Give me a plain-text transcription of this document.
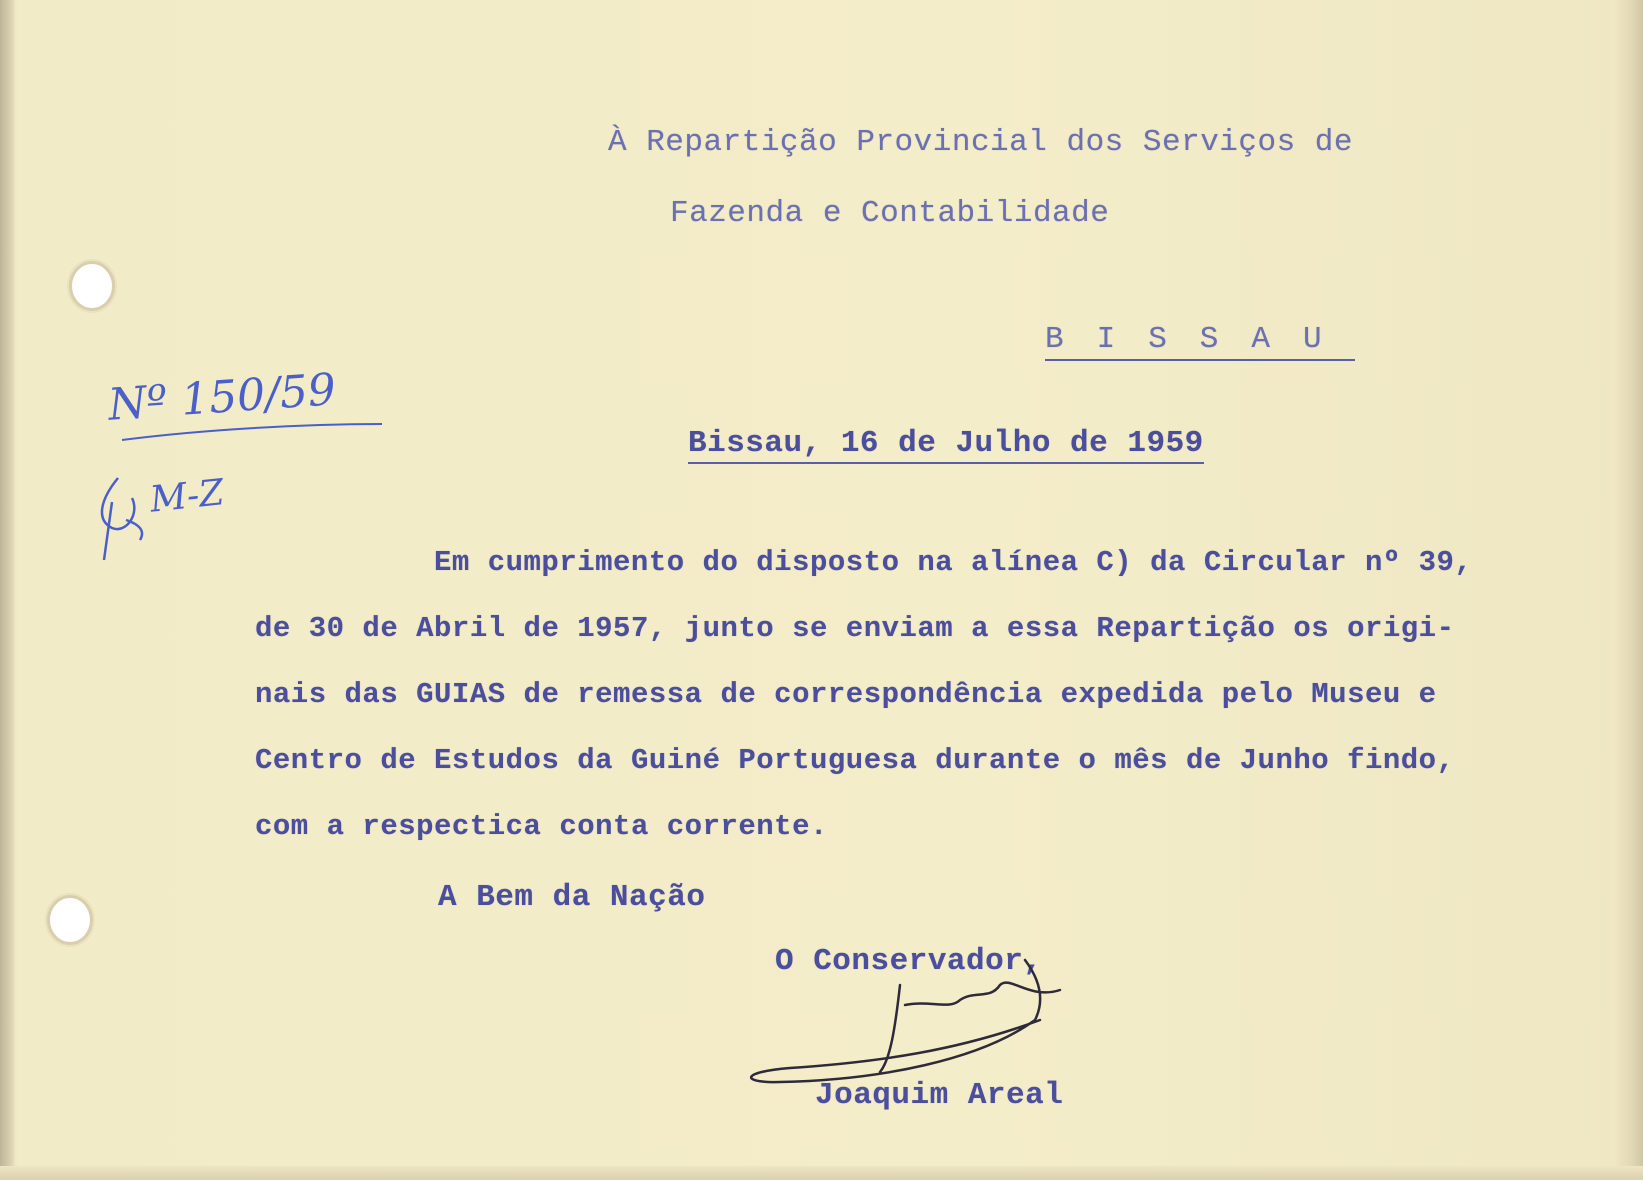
À Repartição Provincial dos Serviços de
Fazenda e Contabilidade
BISSAU
Bissau, 16 de Julho de 1959
Em cumprimento do disposto na alínea C) da Circular nº 39,
de 30 de Abril de 1957, junto se enviam a essa Repartição os origi-
nais das GUIAS de remessa de correspondência expedida pelo Museu e
Centro de Estudos da Guiné Portuguesa durante o mês de Junho findo,
com a respectica conta corrente.
A Bem da Nação
O Conservador,
Joaquim Areal
Nº 150/59
M-Z
